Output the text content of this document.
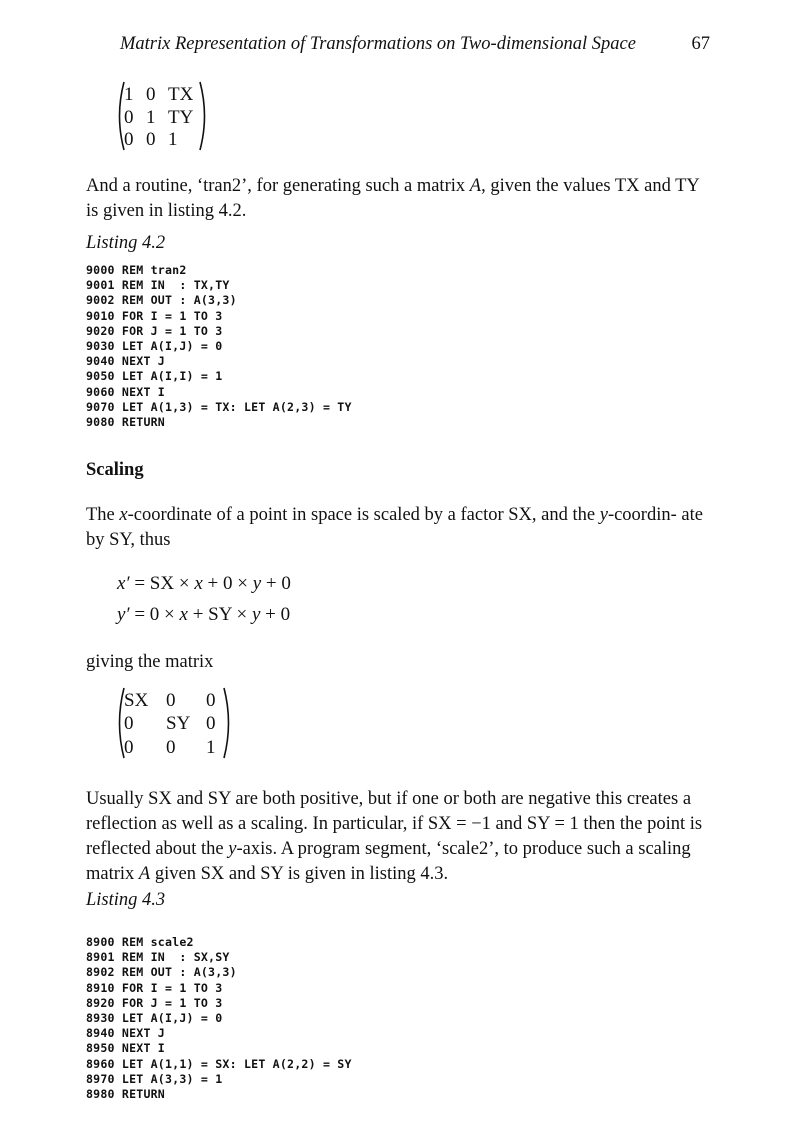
Matrix Representation of Transformations on Two-dimensional Space	67
1 0 TX
0 1 TY
0 0 1
And a routine, ‘tran2’, for generating such a matrix A, given the values TX and TY is given in listing 4.2.
Listing 4.2
9000 REM tran2
9001 REM IN  : TX,TY
9002 REM OUT : A(3,3)
9010 FOR I = 1 TO 3
9020 FOR J = 1 TO 3
9030 LET A(I,J) = 0
9040 NEXT J
9050 LET A(I,I) = 1
9060 NEXT I
9070 LET A(1,3) = TX: LET A(2,3) = TY
9080 RETURN
Scaling
The x-coordinate of a point in space is scaled by a factor SX, and the y-coordin- ate by SY, thus
x′ = SX × x + 0 × y + 0
y′ = 0 × x + SY × y + 0
giving the matrix
SX 0	0
0	SY 0
0	0	1
Usually SX and SY are both positive, but if one or both are negative this creates a reflection as well as a scaling. In particular, if SX = −1 and SY = 1 then the point is reflected about the y-axis. A program segment, ‘scale2’, to produce such a scaling matrix A given SX and SY is given in listing 4.3.
Listing 4.3
8900 REM scale2
8901 REM IN  : SX,SY
8902 REM OUT : A(3,3)
8910 FOR I = 1 TO 3
8920 FOR J = 1 TO 3
8930 LET A(I,J) = 0
8940 NEXT J
8950 NEXT I
8960 LET A(1,1) = SX: LET A(2,2) = SY
8970 LET A(3,3) = 1
8980 RETURN
